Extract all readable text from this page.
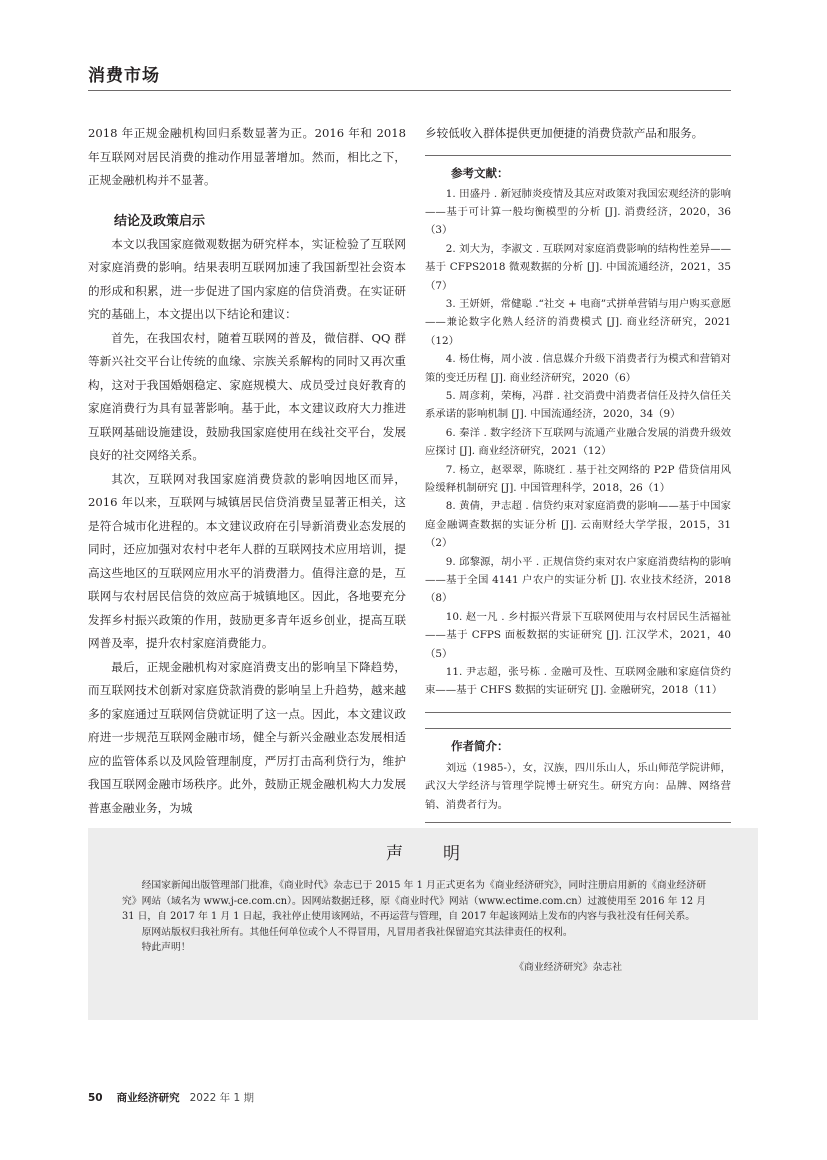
消费市场

2018 年正规金融机构回归系数显著为正。2016 年和 2018 年互联网对居民消费的推动作用显著增加。然而，相比之下，正规金融机构并不显著。

结论及政策启示

本文以我国家庭微观数据为研究样本，实证检验了互联网对家庭消费的影响。结果表明互联网加速了我国新型社会资本的形成和积累，进一步促进了国内家庭的信贷消费。在实证研究的基础上，本文提出以下结论和建议：

首先，在我国农村，随着互联网的普及，微信群、QQ 群等新兴社交平台让传统的血缘、宗族关系解构的同时又再次重构，这对于我国婚姻稳定、家庭规模大、成员受过良好教育的家庭消费行为具有显著影响。基于此，本文建议政府大力推进互联网基础设施建设，鼓励我国家庭使用在线社交平台，发展良好的社交网络关系。

其次，互联网对我国家庭消费贷款的影响因地区而异，2016 年以来，互联网与城镇居民信贷消费呈显著正相关，这是符合城市化进程的。本文建议政府在引导新消费业态发展的同时，还应加强对农村中老年人群的互联网技术应用培训，提高这些地区的互联网应用水平的消费潜力。值得注意的是，互联网与农村居民信贷的效应高于城镇地区。因此，各地要充分发挥乡村振兴政策的作用，鼓励更多青年返乡创业，提高互联网普及率，提升农村家庭消费能力。

最后，正规金融机构对家庭消费支出的影响呈下降趋势，而互联网技术创新对家庭贷款消费的影响呈上升趋势，越来越多的家庭通过互联网信贷就证明了这一点。因此，本文建议政府进一步规范互联网金融市场，健全与新兴金融业态发展相适应的监管体系以及风险管理制度，严厉打击高利贷行为，维护我国互联网金融市场秩序。此外，鼓励正规金融机构大力发展普惠金融业务，为城

乡较低收入群体提供更加便捷的消费贷款产品和服务。

参考文献：

1. 田盛丹 . 新冠肺炎疫情及其应对政策对我国宏观经济的影响——基于可计算一般均衡模型的分析 [J]. 消费经济，2020，36（3）

2. 刘大为，李淑文 . 互联网对家庭消费影响的结构性差异——基于 CFPS2018 微观数据的分析 [J]. 中国流通经济，2021，35（7）

3. 王妍妍，常健聪 .“社交 + 电商”式拼单营销与用户购买意愿——兼论数字化熟人经济的消费模式 [J]. 商业经济研究，2021（12）

4. 杨仕梅，周小波 . 信息媒介升级下消费者行为模式和营销对策的变迁历程 [J]. 商业经济研究，2020（6）

5. 周彦莉，荣梅，冯群 . 社交消费中消费者信任及持久信任关系承诺的影响机制 [J]. 中国流通经济，2020，34（9）

6. 秦洋 . 数字经济下互联网与流通产业融合发展的消费升级效应探讨 [J]. 商业经济研究，2021（12）

7. 杨立，赵翠翠，陈晓红 . 基于社交网络的 P2P 借贷信用风险缓释机制研究 [J]. 中国管理科学，2018，26（1）

8. 黄倩，尹志超 . 信贷约束对家庭消费的影响——基于中国家庭金融调查数据的实证分析 [J]. 云南财经大学学报，2015，31（2）

9. 邱黎源，胡小平 . 正规信贷约束对农户家庭消费结构的影响——基于全国 4141 户农户的实证分析 [J]. 农业技术经济，2018（8）

10. 赵一凡 . 乡村振兴背景下互联网使用与农村居民生活福祉——基于 CFPS 面板数据的实证研究 [J]. 江汉学术，2021，40（5）

11. 尹志超，张号栋 . 金融可及性、互联网金融和家庭信贷约束——基于 CHFS 数据的实证研究 [J]. 金融研究，2018（11）

作者简介：

刘远（1985-），女，汉族，四川乐山人，乐山师范学院讲师，武汉大学经济与管理学院博士研究生。研究方向：品牌、网络营销、消费者行为。

声明

经国家新闻出版管理部门批准，《商业时代》杂志已于 2015 年 1 月正式更名为《商业经济研究》，同时注册启用新的《商业经济研究》网站（域名为 www.j-ce.com.cn）。因网站数据迁移，原《商业时代》网站（www.ectime.com.cn）过渡使用至 2016 年 12 月 31 日，自 2017 年 1 月 1 日起，我社停止使用该网站，不再运营与管理，自 2017 年起该网站上发布的内容与我社没有任何关系。

原网站版权归我社所有。其他任何单位或个人不得冒用，凡冒用者我社保留追究其法律责任的权利。

特此声明！

《商业经济研究》杂志社
50 商业经济研究 2022 年 1 期
